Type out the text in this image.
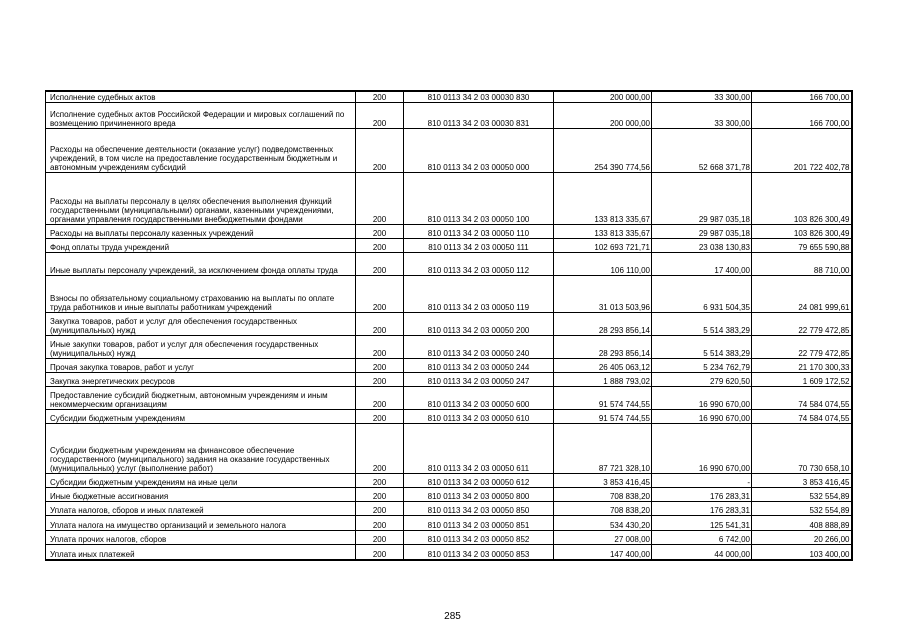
Исполнение судебных актов	200	810 0113 34 2 03 00030 830	200 000,00	33 300,00	166 700,00
Исполнение судебных актов Российской Федерации и мировых соглашений по возмещению причиненного вреда	200	810 0113 34 2 03 00030 831	200 000,00	33 300,00	166 700,00
Расходы на обеспечение деятельности (оказание услуг) подведомственных учреждений, в том числе на предоставление государственным бюджетным и автономным учреждениям субсидий	200	810 0113 34 2 03 00050 000	254 390 774,56	52 668 371,78	201 722 402,78
Расходы на выплаты персоналу в целях обеспечения выполнения функций государственными (муниципальными) органами, казенными учреждениями, органами управления государственными внебюджетными фондами	200	810 0113 34 2 03 00050 100	133 813 335,67	29 987 035,18	103 826 300,49
Расходы на выплаты персоналу казенных учреждений	200	810 0113 34 2 03 00050 110	133 813 335,67	29 987 035,18	103 826 300,49
Фонд оплаты труда учреждений	200	810 0113 34 2 03 00050 111	102 693 721,71	23 038 130,83	79 655 590,88
Иные выплаты персоналу учреждений, за исключением фонда оплаты труда	200	810 0113 34 2 03 00050 112	106 110,00	17 400,00	88 710,00
Взносы по обязательному социальному страхованию на выплаты по оплате труда работников и иные выплаты работникам учреждений	200	810 0113 34 2 03 00050 119	31 013 503,96	6 931 504,35	24 081 999,61
Закупка товаров, работ и услуг для обеспечения государственных (муниципальных) нужд	200	810 0113 34 2 03 00050 200	28 293 856,14	5 514 383,29	22 779 472,85
Иные закупки товаров, работ и услуг для обеспечения государственных (муниципальных) нужд	200	810 0113 34 2 03 00050 240	28 293 856,14	5 514 383,29	22 779 472,85
Прочая закупка товаров, работ и услуг	200	810 0113 34 2 03 00050 244	26 405 063,12	5 234 762,79	21 170 300,33
Закупка энергетических ресурсов	200	810 0113 34 2 03 00050 247	1 888 793,02	279 620,50	1 609 172,52
Предоставление субсидий бюджетным, автономным учреждениям и иным некоммерческим организациям	200	810 0113 34 2 03 00050 600	91 574 744,55	16 990 670,00	74 584 074,55
Субсидии бюджетным учреждениям	200	810 0113 34 2 03 00050 610	91 574 744,55	16 990 670,00	74 584 074,55
Субсидии бюджетным учреждениям на финансовое обеспечение государственного (муниципального) задания на оказание государственных (муниципальных) услуг (выполнение работ)	200	810 0113 34 2 03 00050 611	87 721 328,10	16 990 670,00	70 730 658,10
Субсидии бюджетным учреждениям на иные цели	200	810 0113 34 2 03 00050 612	3 853 416,45	-	3 853 416,45
Иные бюджетные ассигнования	200	810 0113 34 2 03 00050 800	708 838,20	176 283,31	532 554,89
Уплата налогов, сборов и иных платежей	200	810 0113 34 2 03 00050 850	708 838,20	176 283,31	532 554,89
Уплата налога на имущество организаций и земельного налога	200	810 0113 34 2 03 00050 851	534 430,20	125 541,31	408 888,89
Уплата прочих налогов, сборов	200	810 0113 34 2 03 00050 852	27 008,00	6 742,00	20 266,00
Уплата иных платежей	200	810 0113 34 2 03 00050 853	147 400,00	44 000,00	103 400,00
285
